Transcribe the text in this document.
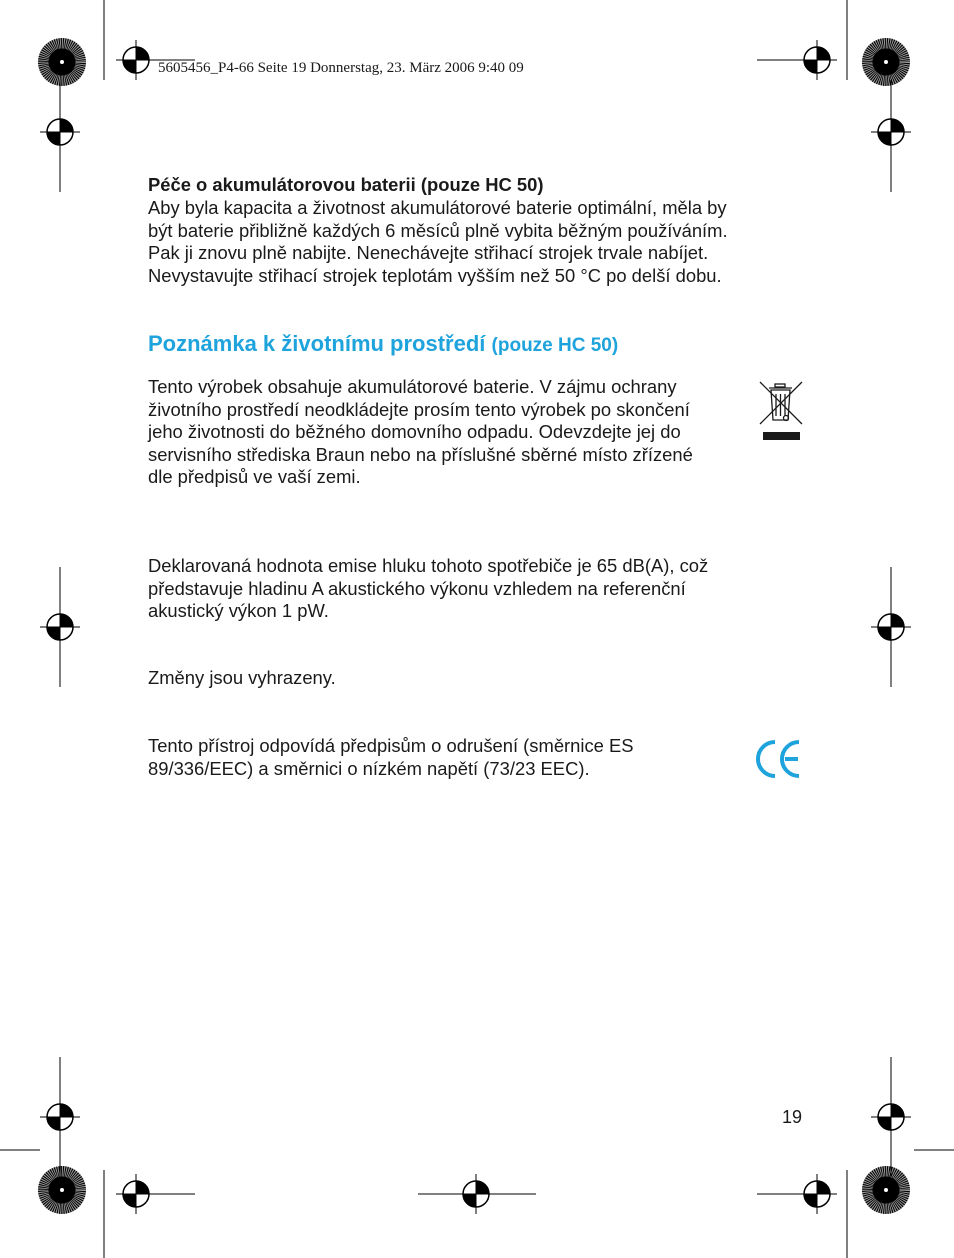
5605456_P4-66 Seite 19 Donnerstag, 23. März 2006 9:40 09
Péče o akumulátorovou baterii (pouze HC 50)
Aby byla kapacita a životnost akumulátorové baterie optimální, měla by
být baterie přibližně každých 6 měsíců plně vybita běžným používáním.
Pak ji znovu plně nabijte. Nenechávejte střihací strojek trvale nabíjet.
Nevystavujte střihací strojek teplotám vyšším než 50 °C po delší dobu.
Poznámka k životnímu prostředí (pouze HC 50)
Tento výrobek obsahuje akumulátorové baterie. V zájmu ochrany
životního prostředí neodkládejte prosím tento výrobek po skončení
jeho životnosti do běžného domovního odpadu. Odevzdejte jej do
servisního střediska Braun nebo na příslušné sběrné místo zřízené
dle předpisů ve vaší zemi.
Deklarovaná hodnota emise hluku tohoto spotřebiče je 65 dB(A), což
představuje hladinu A akustického výkonu vzhledem na referenční
akustický výkon 1 pW.
Změny jsou vyhrazeny.
Tento přístroj odpovídá předpisům o odrušení (směrnice ES
89/336/EEC) a směrnici o nízkém napětí (73/23 EEC).
19
